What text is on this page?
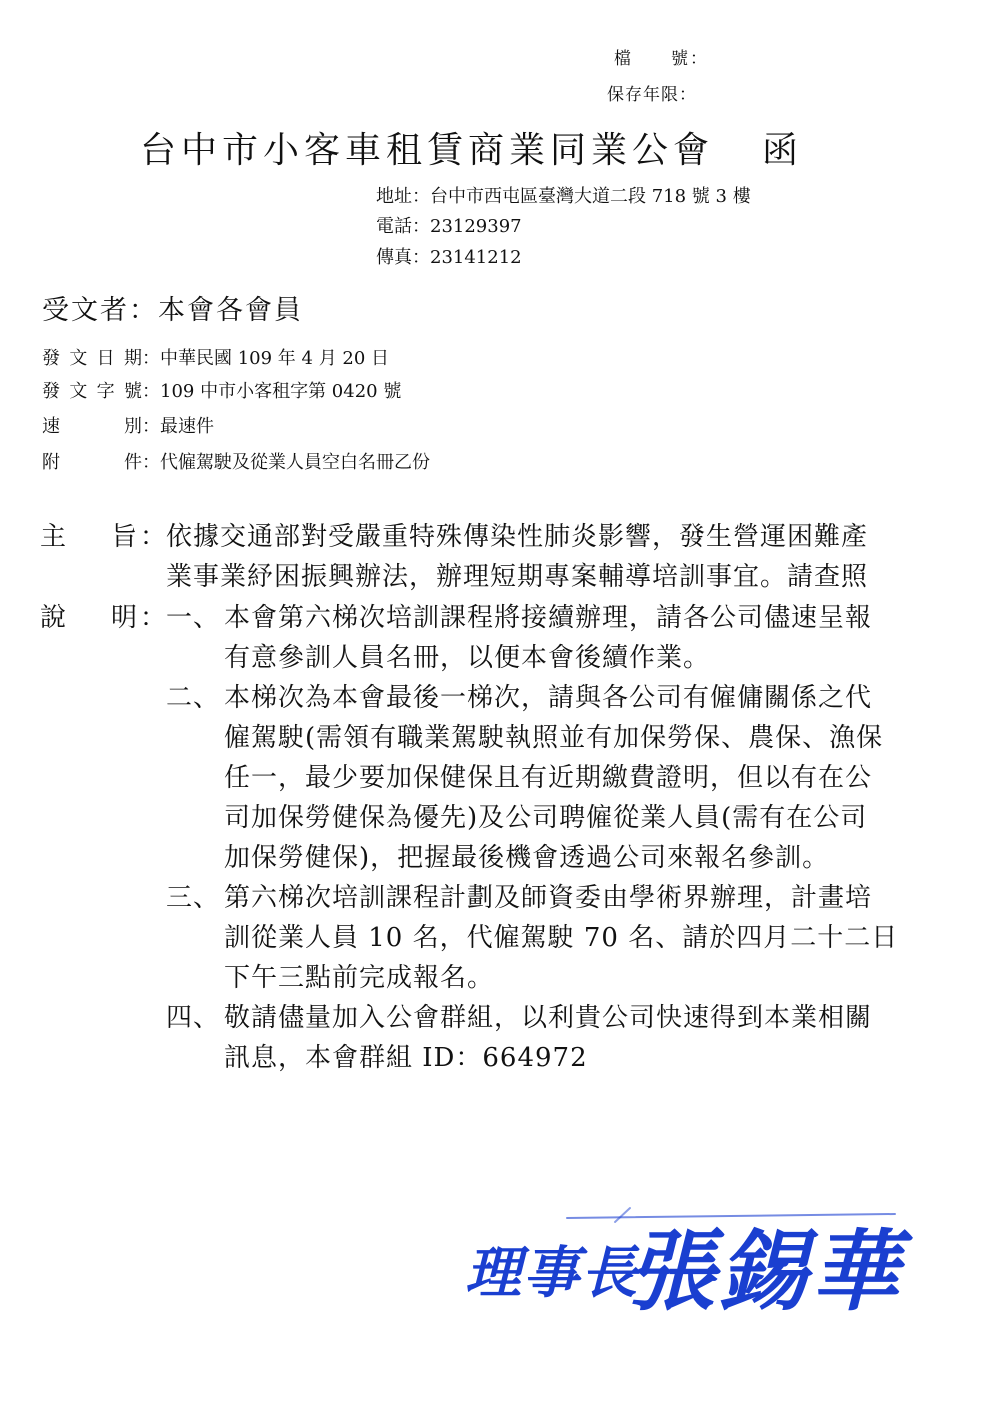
檔　　號：
保存年限：
台中市小客車租賃商業同業公會 函
地址：台中市西屯區臺灣大道二段 718 號 3 樓
電話：23129397
傳真：23141212
受文者：本會各會員
發文日期：中華民國 109 年 4 月 20 日
發文字號：109 中市小客租字第 0420 號
速別：最速件
附件：代僱駕駛及從業人員空白名冊乙份
主旨 ：
依據交通部對受嚴重特殊傳染性肺炎影響，發生營運困難產
業事業紓困振興辦法，辦理短期專案輔導培訓事宜。請查照
說明 ：
一、 本會第六梯次培訓課程將接續辦理，請各公司儘速呈報
有意參訓人員名冊，以便本會後續作業。
二、 本梯次為本會最後一梯次，請與各公司有僱傭關係之代
僱駕駛(需領有職業駕駛執照並有加保勞保、農保、漁保
任一，最少要加保健保且有近期繳費證明，但以有在公
司加保勞健保為優先)及公司聘僱從業人員(需有在公司
加保勞健保)，把握最後機會透過公司來報名參訓。
三、 第六梯次培訓課程計劃及師資委由學術界辦理，計畫培
訓從業人員 10 名，代僱駕駛 70 名、請於四月二十二日
下午三點前完成報名。
四、 敬請儘量加入公會群組，以利貴公司快速得到本業相關
訊息，本會群組 ID：664972
理事長
張錫華
